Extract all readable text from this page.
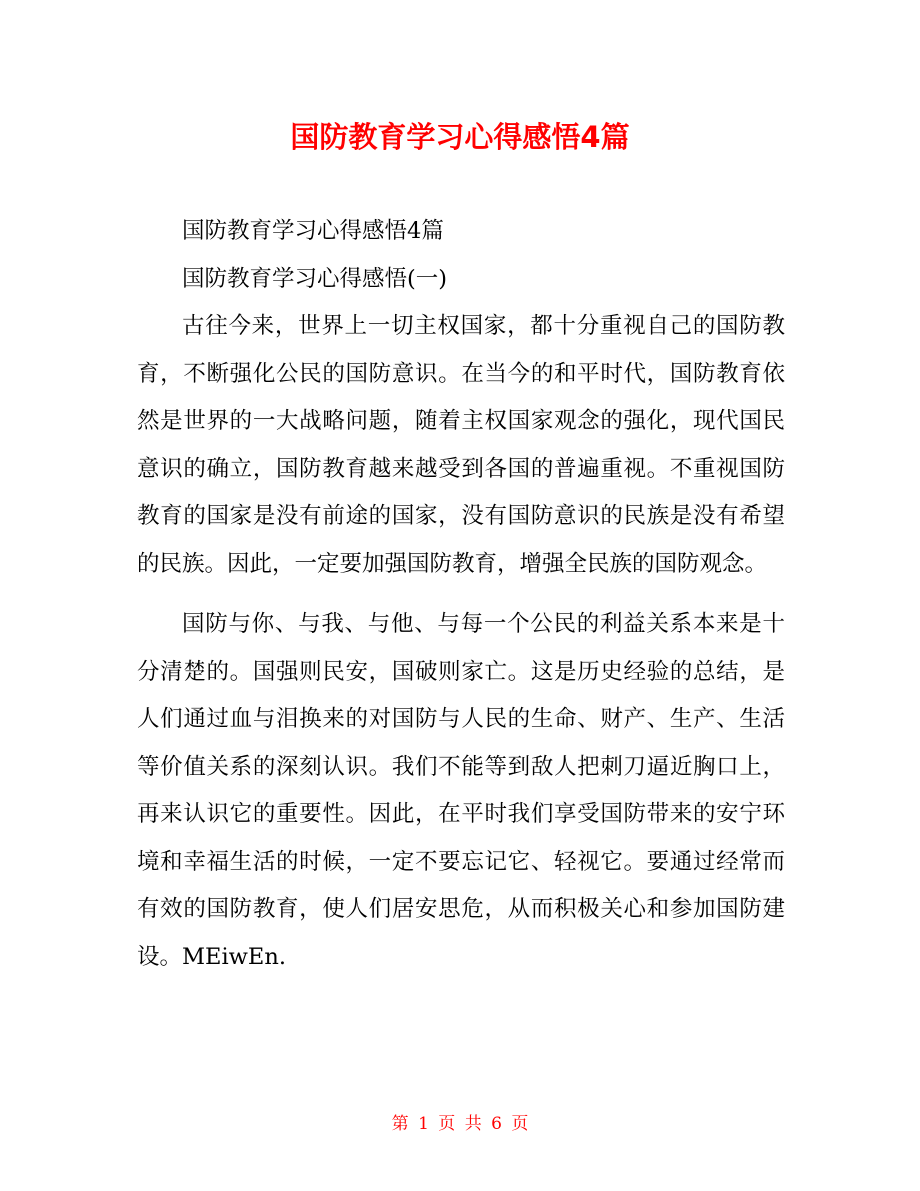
国防教育学习心得感悟4篇

国防教育学习心得感悟4篇

国防教育学习心得感悟(一)

古往今来，世界上一切主权国家，都十分重视自己的国防教育，不断强化公民的国防意识。在当今的和平时代，国防教育依然是世界的一大战略问题，随着主权国家观念的强化，现代国民意识的确立，国防教育越来越受到各国的普遍重视。不重视国防教育的国家是没有前途的国家，没有国防意识的民族是没有希望的民族。因此，一定要加强国防教育，增强全民族的国防观念。

国防与你、与我、与他、与每一个公民的利益关系本来是十分清楚的。国强则民安，国破则家亡。这是历史经验的总结，是人们通过血与泪换来的对国防与人民的生命、财产、生产、生活等价值关系的深刻认识。我们不能等到敌人把刺刀逼近胸口上，再来认识它的重要性。因此，在平时我们享受国防带来的安宁环境和幸福生活的时候，一定不要忘记它、轻视它。要通过经常而有效的国防教育，使人们居安思危，从而积极关心和参加国防建设。MEiwEn.

第 1 页 共 6 页
